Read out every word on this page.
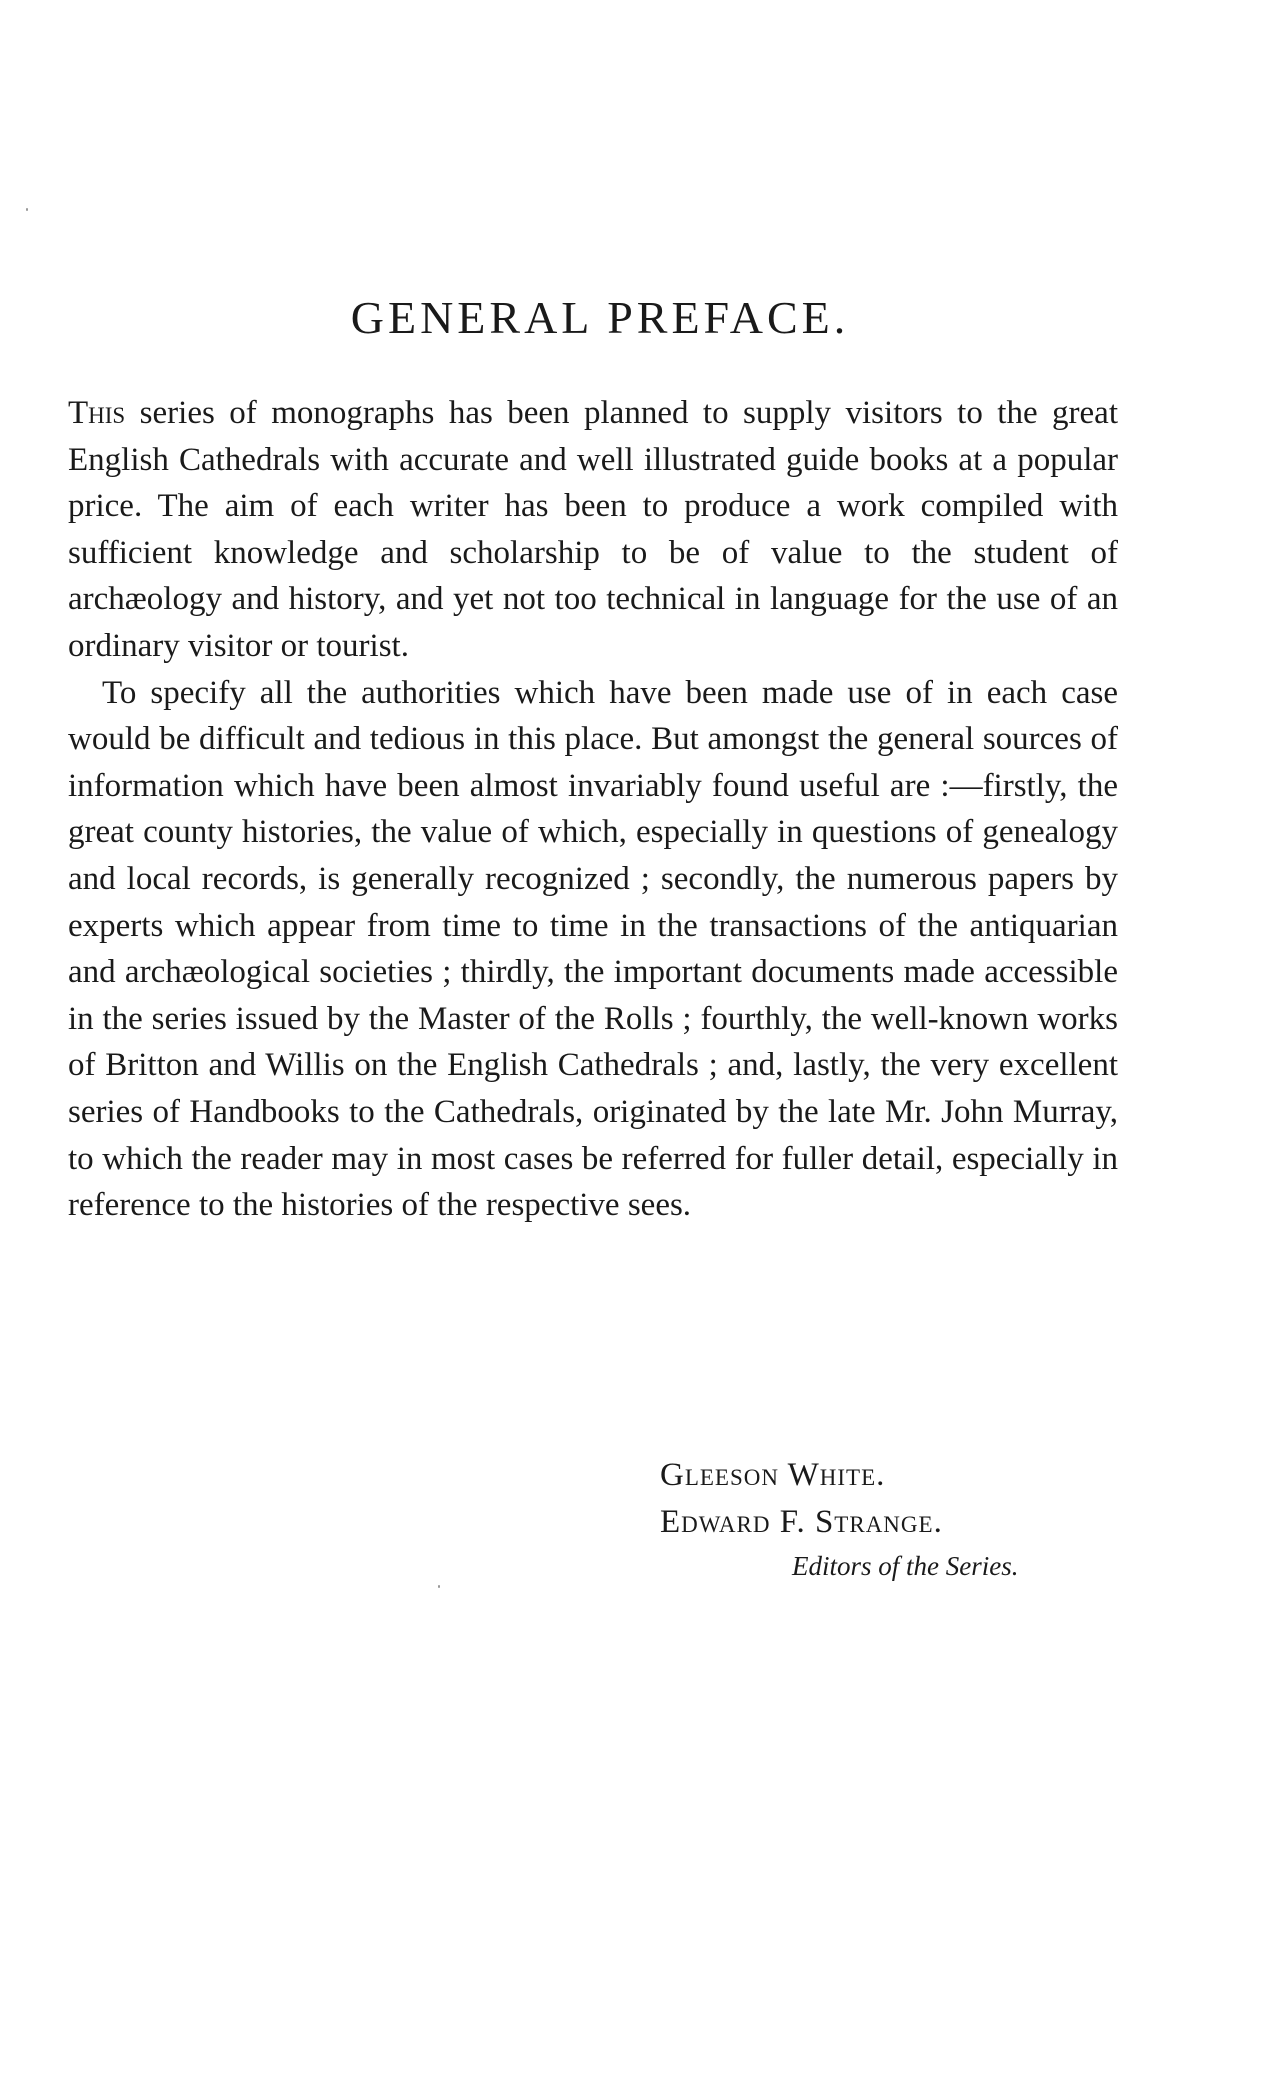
GENERAL PREFACE.

This series of monographs has been planned to supply visitors to the great English Cathedrals with accurate and well illustrated guide books at a popular price. The aim of each writer has been to produce a work compiled with sufficient knowledge and scholarship to be of value to the student of archæology and history, and yet not too technical in language for the use of an ordinary visitor or tourist.

To specify all the authorities which have been made use of in each case would be difficult and tedious in this place. But amongst the general sources of information which have been almost invariably found useful are :—firstly, the great county histories, the value of which, especially in questions of genealogy and local records, is generally recognized ; secondly, the numerous papers by experts which appear from time to time in the transactions of the antiquarian and archæological societies ; thirdly, the important documents made accessible in the series issued by the Master of the Rolls ; fourthly, the well-known works of Britton and Willis on the English Cathedrals ; and, lastly, the very excellent series of Handbooks to the Cathedrals, originated by the late Mr. John Murray, to which the reader may in most cases be referred for fuller detail, especially in reference to the histories of the respective sees.

Gleeson White.
Edward F. Strange.
Editors of the Series.
